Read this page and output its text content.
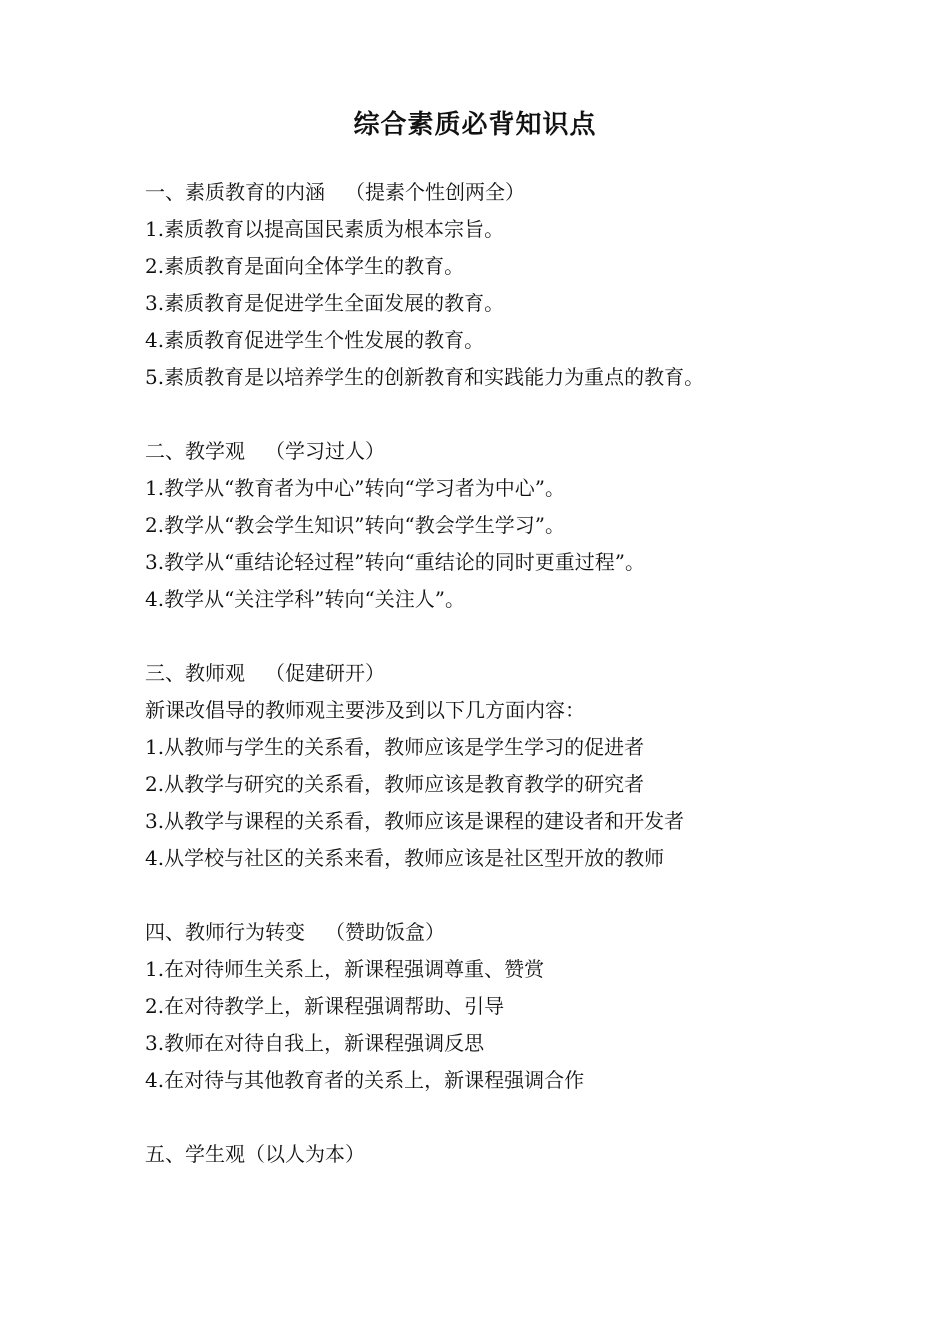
综合素质必背知识点
一、素质教育的内涵 （提素个性创两全）
1.素质教育以提高国民素质为根本宗旨。
2.素质教育是面向全体学生的教育。
3.素质教育是促进学生全面发展的教育。
4.素质教育促进学生个性发展的教育。
5.素质教育是以培养学生的创新教育和实践能力为重点的教育。
二、教学观 （学习过人）
1.教学从“教育者为中心”转向“学习者为中心”。
2.教学从“教会学生知识”转向“教会学生学习”。
3.教学从“重结论轻过程”转向“重结论的同时更重过程”。
4.教学从“关注学科”转向“关注人”。
三、教师观 （促建研开）
新课改倡导的教师观主要涉及到以下几方面内容：
1.从教师与学生的关系看，教师应该是学生学习的促进者
2.从教学与研究的关系看，教师应该是教育教学的研究者
3.从教学与课程的关系看，教师应该是课程的建设者和开发者
4.从学校与社区的关系来看，教师应该是社区型开放的教师
四、教师行为转变 （赞助饭盒）
1.在对待师生关系上，新课程强调尊重、赞赏
2.在对待教学上，新课程强调帮助、引导
3.教师在对待自我上，新课程强调反思
4.在对待与其他教育者的关系上，新课程强调合作
五、学生观（以人为本）
